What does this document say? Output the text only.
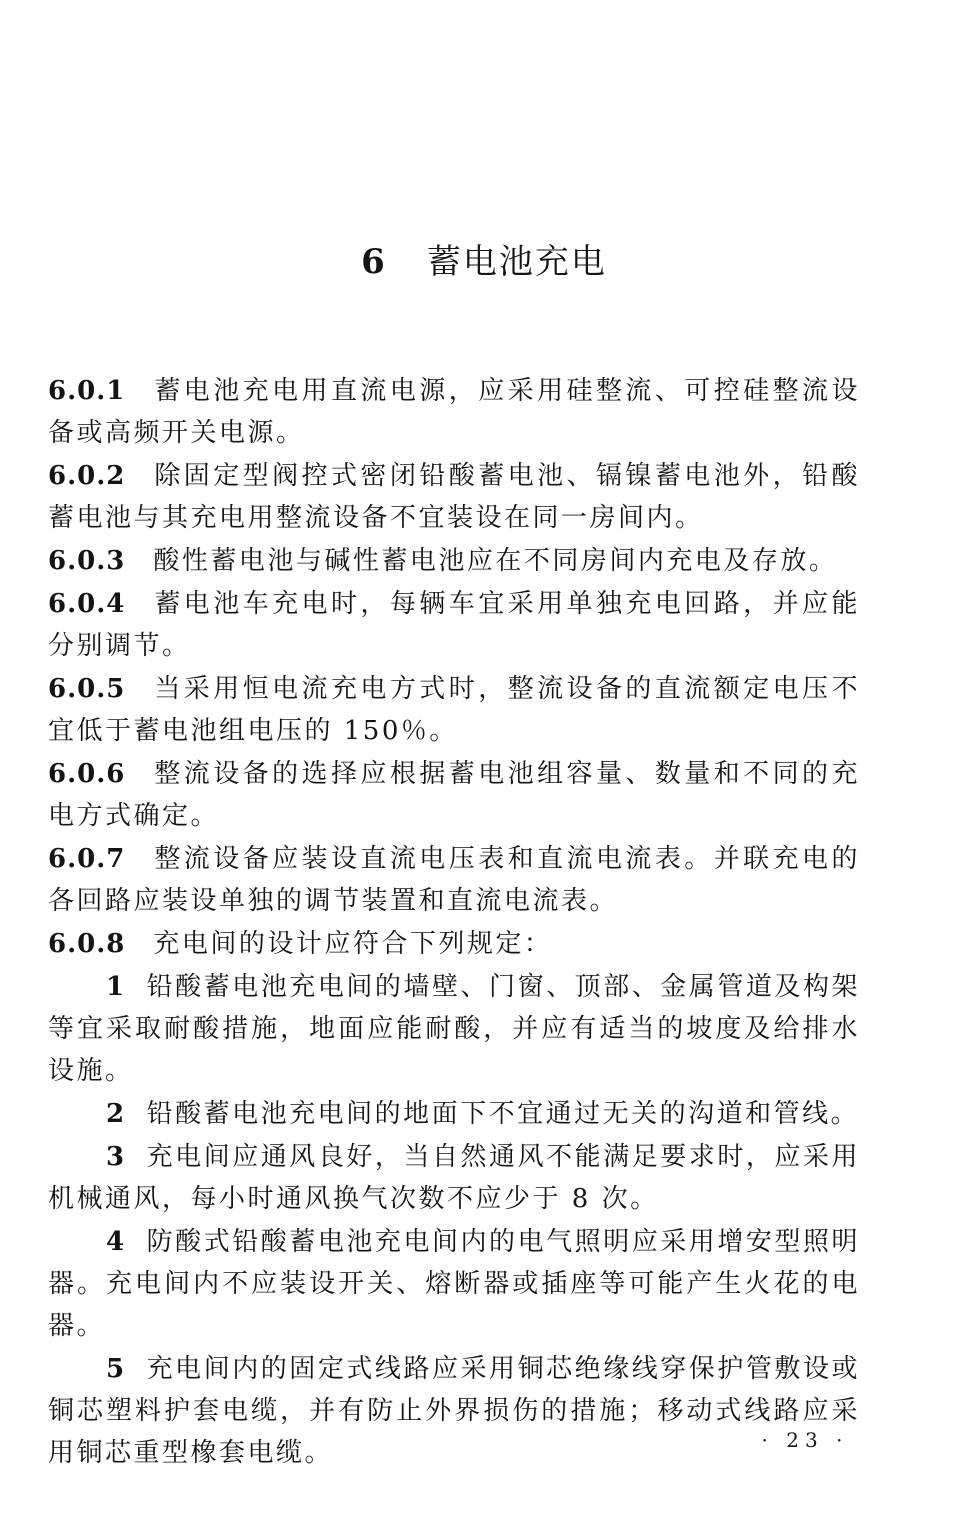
6 蓄电池充电

6.0.1 蓄电池充电用直流电源，应采用硅整流、可控硅整流设备或高频开关电源。

6.0.2 除固定型阀控式密闭铅酸蓄电池、镉镍蓄电池外，铅酸蓄电池与其充电用整流设备不宜装设在同一房间内。

6.0.3 酸性蓄电池与碱性蓄电池应在不同房间内充电及存放。

6.0.4 蓄电池车充电时，每辆车宜采用单独充电回路，并应能分别调节。

6.0.5 当采用恒电流充电方式时，整流设备的直流额定电压不宜低于蓄电池组电压的 150％。

6.0.6 整流设备的选择应根据蓄电池组容量、数量和不同的充电方式确定。

6.0.7 整流设备应装设直流电压表和直流电流表。并联充电的各回路应装设单独的调节装置和直流电流表。

6.0.8 充电间的设计应符合下列规定：

1 铅酸蓄电池充电间的墙壁、门窗、顶部、金属管道及构架等宜采取耐酸措施，地面应能耐酸，并应有适当的坡度及给排水设施。

2 铅酸蓄电池充电间的地面下不宜通过无关的沟道和管线。

3 充电间应通风良好，当自然通风不能满足要求时，应采用机械通风，每小时通风换气次数不应少于 8 次。

4 防酸式铅酸蓄电池充电间内的电气照明应采用增安型照明器。充电间内不应装设开关、熔断器或插座等可能产生火花的电器。

5 充电间内的固定式线路应采用铜芯绝缘线穿保护管敷设或铜芯塑料护套电缆，并有防止外界损伤的措施；移动式线路应采用铜芯重型橡套电缆。	· 23 ·
